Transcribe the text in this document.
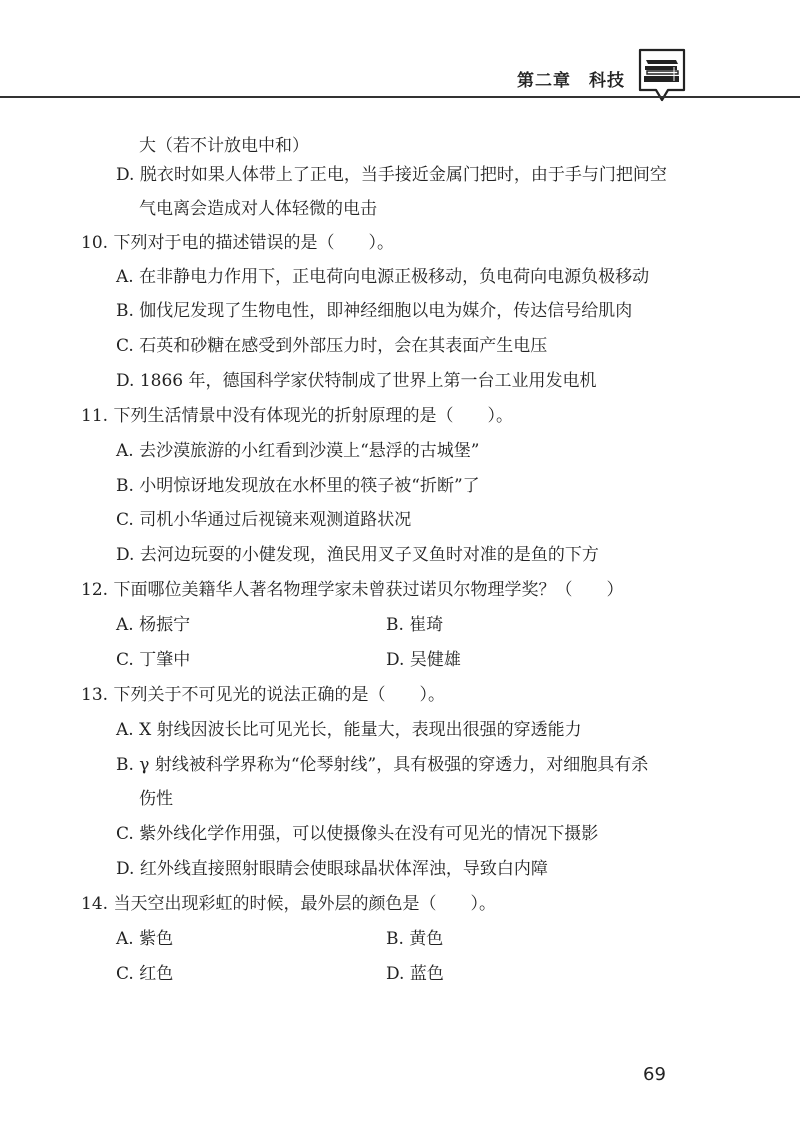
第二章 科技
大（若不计放电中和）
D. 脱衣时如果人体带上了正电，当手接近金属门把时，由于手与门把间空
气电离会造成对人体轻微的电击
10. 下列对于电的描述错误的是（　　）。
A. 在非静电力作用下，正电荷向电源正极移动，负电荷向电源负极移动
B. 伽伐尼发现了生物电性，即神经细胞以电为媒介，传达信号给肌肉
C. 石英和砂糖在感受到外部压力时，会在其表面产生电压
D. 1866 年，德国科学家伏特制成了世界上第一台工业用发电机
11. 下列生活情景中没有体现光的折射原理的是（　　）。
A. 去沙漠旅游的小红看到沙漠上“悬浮的古城堡”
B. 小明惊讶地发现放在水杯里的筷子被“折断”了
C. 司机小华通过后视镜来观测道路状况
D. 去河边玩耍的小健发现，渔民用叉子叉鱼时对准的是鱼的下方
12. 下面哪位美籍华人著名物理学家未曾获过诺贝尔物理学奖？（　　）
A. 杨振宁	B. 崔琦
C. 丁肇中	D. 吴健雄
13. 下列关于不可见光的说法正确的是（　　）。
A. X 射线因波长比可见光长，能量大，表现出很强的穿透能力
B. γ 射线被科学界称为“伦琴射线”，具有极强的穿透力，对细胞具有杀
伤性
C. 紫外线化学作用强，可以使摄像头在没有可见光的情况下摄影
D. 红外线直接照射眼睛会使眼球晶状体浑浊，导致白内障
14. 当天空出现彩虹的时候，最外层的颜色是（　　）。
A. 紫色	B. 黄色
C. 红色	D. 蓝色
69
